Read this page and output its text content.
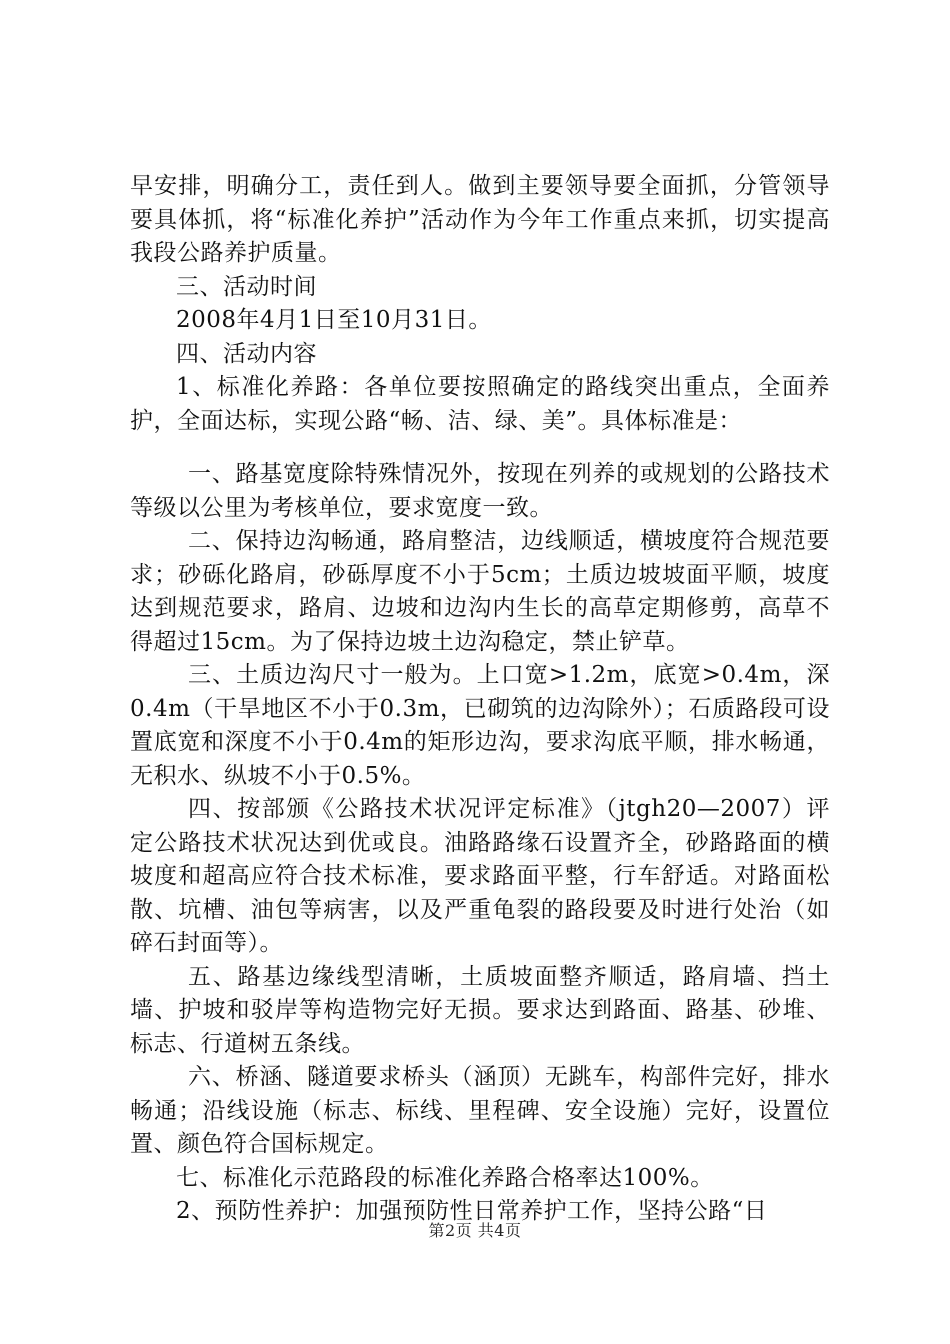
早安排，明确分工，责任到人。做到主要领导要全面抓，分管领导要具体抓，将“标准化养护”活动作为今年工作重点来抓，切实提高我段公路养护质量。

三、活动时间

2008年4月1日至10月31日。

四、活动内容

1、标准化养路：各单位要按照确定的路线突出重点，全面养护，全面达标，实现公路“畅、洁、绿、美”。具体标准是：

一、路基宽度除特殊情况外，按现在列养的或规划的公路技术等级以公里为考核单位，要求宽度一致。

二、保持边沟畅通，路肩整洁，边线顺适，横坡度符合规范要求；砂砾化路肩，砂砾厚度不小于5cm；土质边坡坡面平顺，坡度达到规范要求，路肩、边坡和边沟内生长的高草定期修剪，高草不得超过15cm。为了保持边坡土边沟稳定，禁止铲草。

三、土质边沟尺寸一般为。上口宽>1.2m，底宽>0.4m，深0.4m（干旱地区不小于0.3m，已砌筑的边沟除外）；石质路段可设置底宽和深度不小于0.4m的矩形边沟，要求沟底平顺，排水畅通，无积水、纵坡不小于0.5%。

四、按部颁《公路技术状况评定标准》（jtgh20—2007）评定公路技术状况达到优或良。油路路缘石设置齐全，砂路路面的横坡度和超高应符合技术标准，要求路面平整，行车舒适。对路面松散、坑槽、油包等病害，以及严重龟裂的路段要及时进行处治（如碎石封面等）。

五、路基边缘线型清晰，土质坡面整齐顺适，路肩墙、挡土墙、护坡和驳岸等构造物完好无损。要求达到路面、路基、砂堆、标志、行道树五条线。

六、桥涵、隧道要求桥头（涵顶）无跳车，构部件完好，排水畅通；沿线设施（标志、标线、里程碑、安全设施）完好，设置位置、颜色符合国标规定。

七、标准化示范路段的标准化养路合格率达100%。

2、预防性养护：加强预防性日常养护工作，坚持公路“日

第2页 共4页
